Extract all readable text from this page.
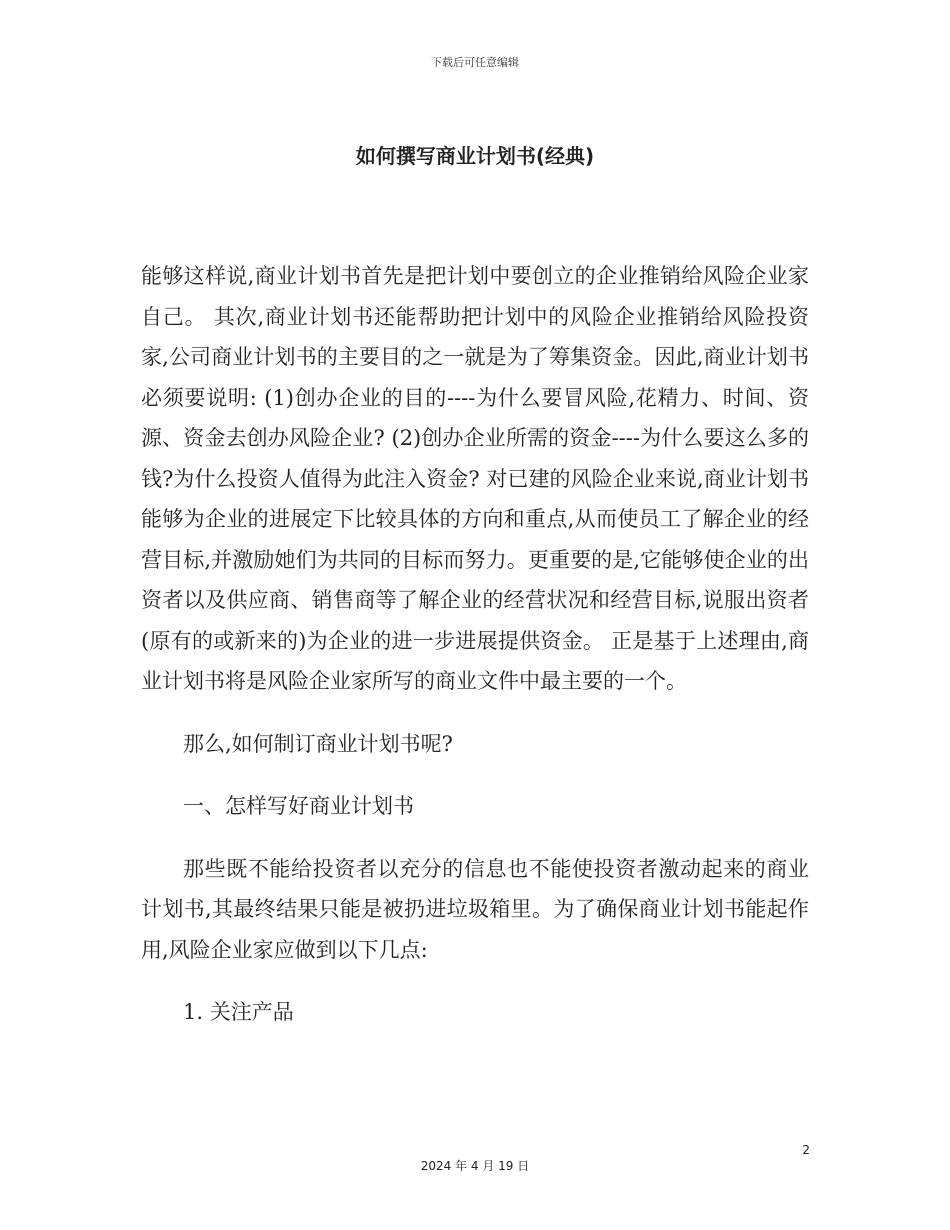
下载后可任意编辑
如何撰写商业计划书(经典)

能够这样说,商业计划书首先是把计划中要创立的企业推销给风险企业家自己。 其次,商业计划书还能帮助把计划中的风险企业推销给风险投资家,公司商业计划书的主要目的之一就是为了筹集资金。因此,商业计划书必须要说明: (1)创办企业的目的----为什么要冒风险,花精力、时间、资源、资金去创办风险企业? (2)创办企业所需的资金----为什么要这么多的钱?为什么投资人值得为此注入资金? 对已建的风险企业来说,商业计划书能够为企业的进展定下比较具体的方向和重点,从而使员工了解企业的经营目标,并激励她们为共同的目标而努力。更重要的是,它能够使企业的出资者以及供应商、销售商等了解企业的经营状况和经营目标,说服出资者(原有的或新来的)为企业的进一步进展提供资金。 正是基于上述理由,商业计划书将是风险企业家所写的商业文件中最主要的一个。

那么,如何制订商业计划书呢?

一、怎样写好商业计划书

那些既不能给投资者以充分的信息也不能使投资者激动起来的商业计划书,其最终结果只能是被扔进垃圾箱里。为了确保商业计划书能起作用,风险企业家应做到以下几点:

1. 关注产品

2
2024 年 4 月 19 日
